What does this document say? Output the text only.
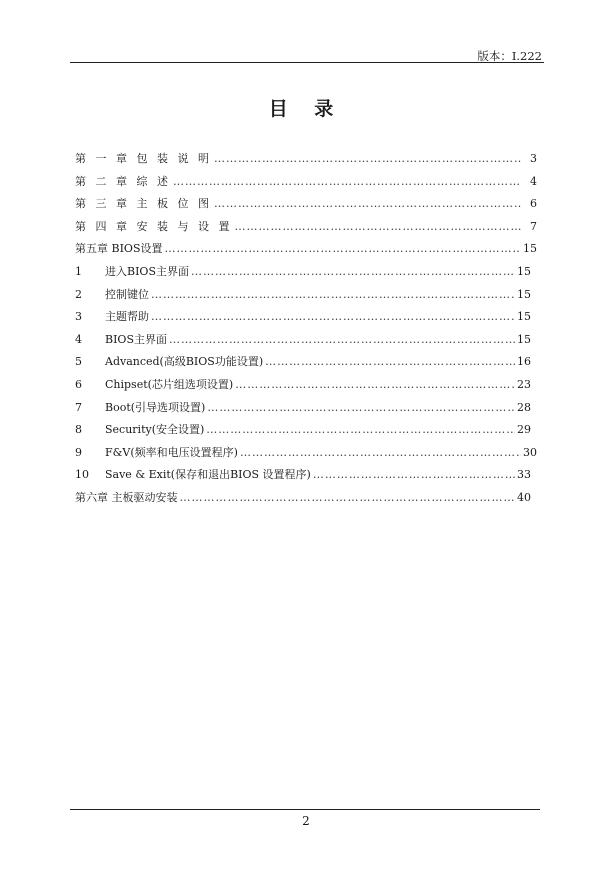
版本：I.222
目 录
第 一 章 包 装 说 明 …………………………………………………………………………………………………………………………………………………………………………………………	3
第 二 章 综 述 …………………………………………………………………………………………………………………………………………………………………………………………	4
第 三 章 主 板 位 图 …………………………………………………………………………………………………………………………………………………………………………………………	6
第 四 章 安 装 与 设 置 …………………………………………………………………………………………………………………………………………………………………………………………	7
第五章 BIOS设置 …………………………………………………………………………………………………………………………………………………………………………………………	15
1	进入BIOS主界面 …………………………………………………………………………………………………………………………………………………………………………………………	15
2	控制键位 …………………………………………………………………………………………………………………………………………………………………………………………	15
3	主题帮助 …………………………………………………………………………………………………………………………………………………………………………………………	15
4	BIOS主界面 …………………………………………………………………………………………………………………………………………………………………………………………	15
5	Advanced(高级BIOS功能设置) …………………………………………………………………………………………………………………………………………………………………………………………	16
6	Chipset(芯片组选项设置) …………………………………………………………………………………………………………………………………………………………………………………………	23
7	Boot(引导选项设置) …………………………………………………………………………………………………………………………………………………………………………………………	28
8	Security(安全设置) …………………………………………………………………………………………………………………………………………………………………………………………	29
9	F&V(频率和电压设置程序) …………………………………………………………………………………………………………………………………………………………………………………………	30
10	Save & Exit(保存和退出BIOS 设置程序) …………………………………………………………………………………………………………………………………………………………………………………………	33
第六章 主板驱动安装 …………………………………………………………………………………………………………………………………………………………………………………………	40
2
